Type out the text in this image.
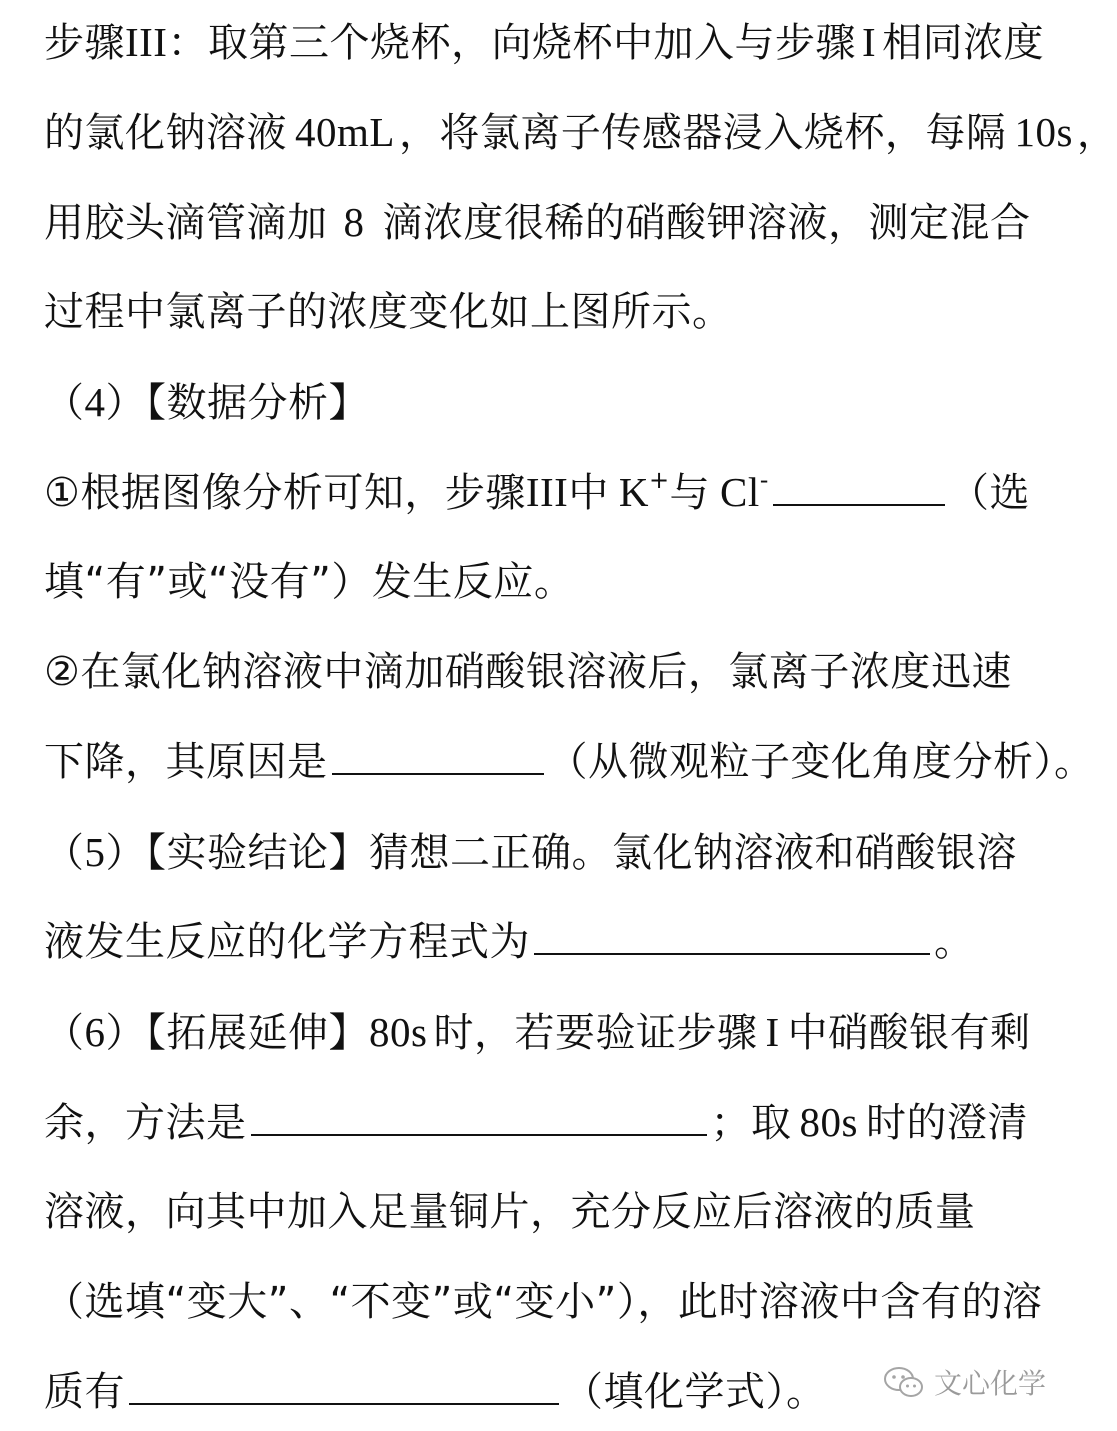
步骤III：取第三个烧杯，向烧杯中加入与步骤 I 相同浓度
的氯化钠溶液 40mL ，将氯离子传感器浸入烧杯，每隔 10s ，
用胶头滴管滴加 8 滴浓度很稀的硝酸钾溶液，测定混合
过程中氯离子的浓度变化如上图所示。
（4）【数据分析】
①根据图像分析可知，步骤III中 K+与 Cl-	（选
填“有”或“没有”）发生反应。
②在氯化钠溶液中滴加硝酸银溶液后，氯离子浓度迅速
下降，其原因是	（从微观粒子变化角度分析）。
（5）【实验结论】猜想二正确。氯化钠溶液和硝酸银溶
液发生反应的化学方程式为	。
（6）【拓展延伸】80s 时，若要验证步骤 I 中硝酸银有剩
余，方法是	；取 80s 时的澄清
溶液，向其中加入足量铜片，充分反应后溶液的质量
（选填“变大”、“不变”或“变小”），此时溶液中含有的溶
质有	（填化学式）。	文心化学
